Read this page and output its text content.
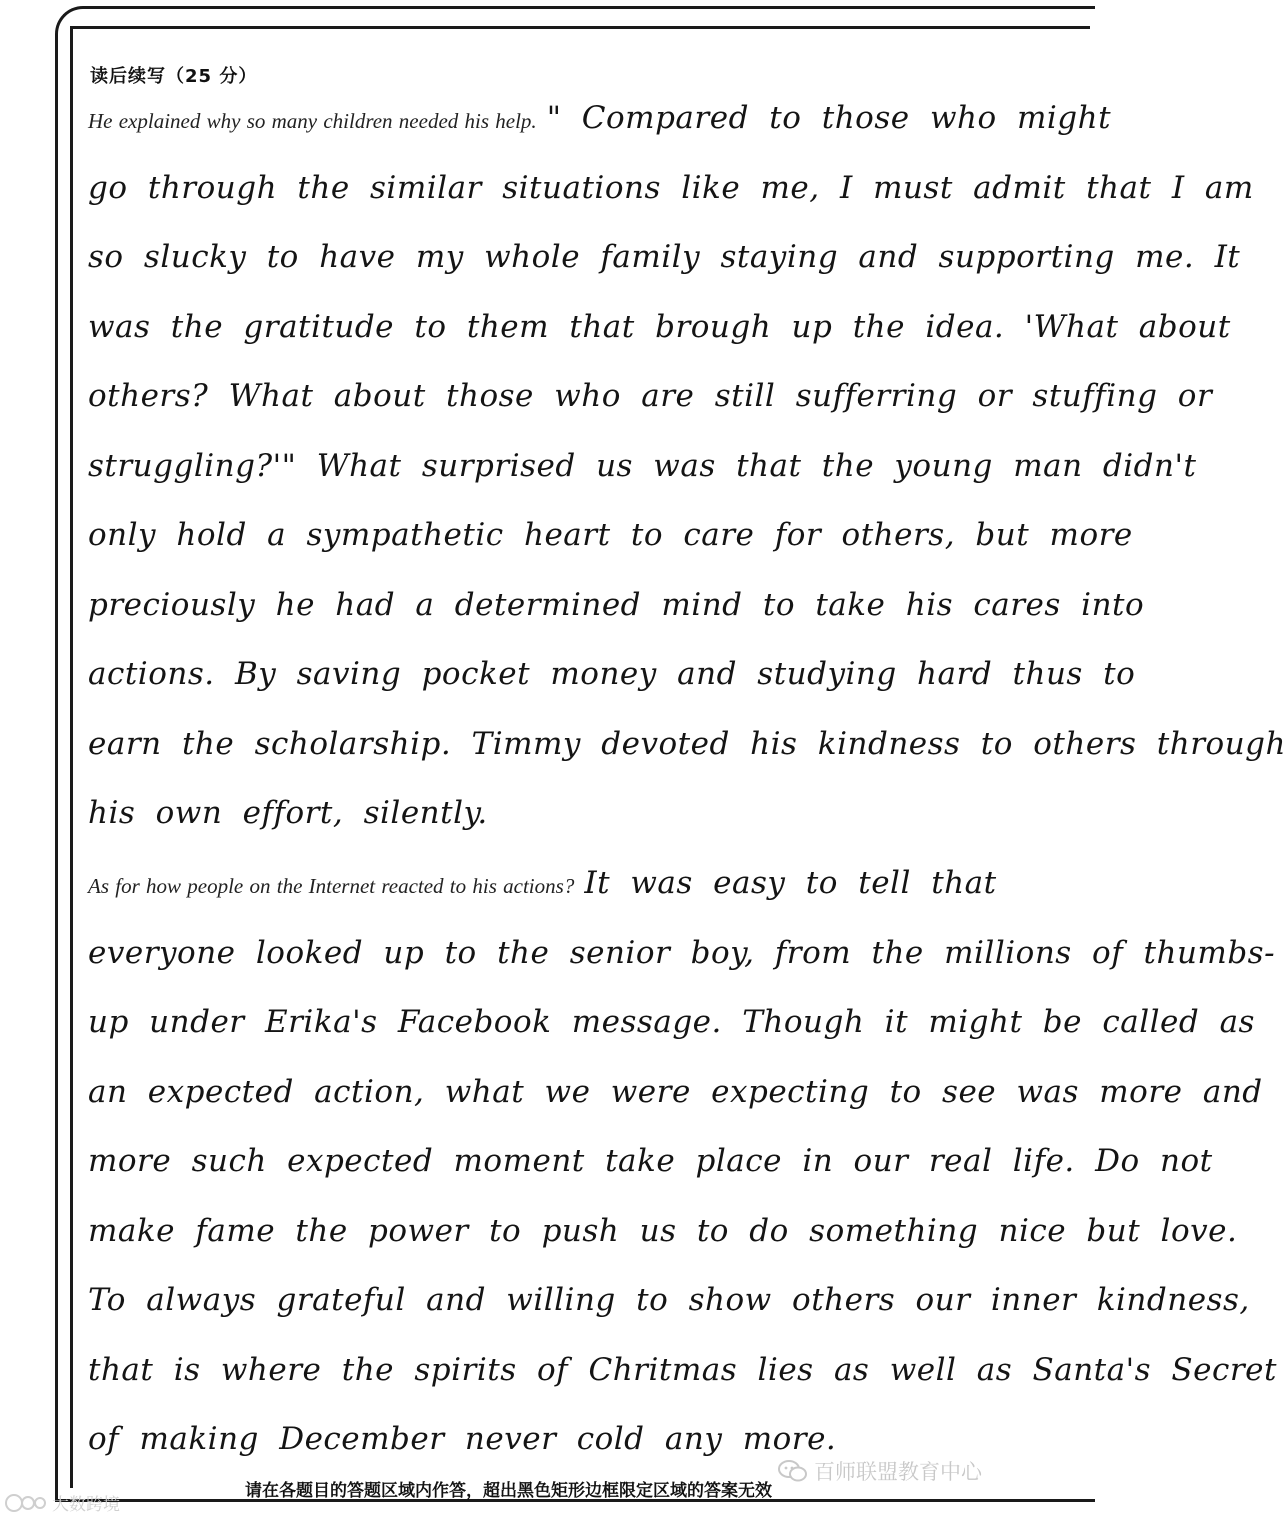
读后续写（25 分）
He explained why so many children needed his help. " Compared to those who might
go through the similar situations like me, I must admit that I am
so slucky to have my whole family staying and supporting me. It
was the gratitude to them that brough up the idea. 'What about
others? What about those who are still sufferring or stuffing or
struggling?'" What surprised us was that the young man didn't
only hold a sympathetic heart to care for others, but more
preciously he had a determined mind to take his cares into
actions. By saving pocket money and studying hard thus to
earn the scholarship. Timmy devoted his kindness to others through
his own effort, silently.
As for how people on the Internet reacted to his actions? It was easy to tell that
everyone looked up to the senior boy, from the millions of thumbs-
up under Erika's Facebook message. Though it might be called as
an expected action, what we were expecting to see was more and
more such expected moment take place in our real life. Do not
make fame the power to push us to do something nice but love.
To always grateful and willing to show others our inner kindness,
that is where the spirits of Chritmas lies as well as Santa's Secret
of making December never cold any more.
百师联盟教育中心
请在各题目的答题区域内作答，超出黑色矩形边框限定区域的答案无效
大数跨境
